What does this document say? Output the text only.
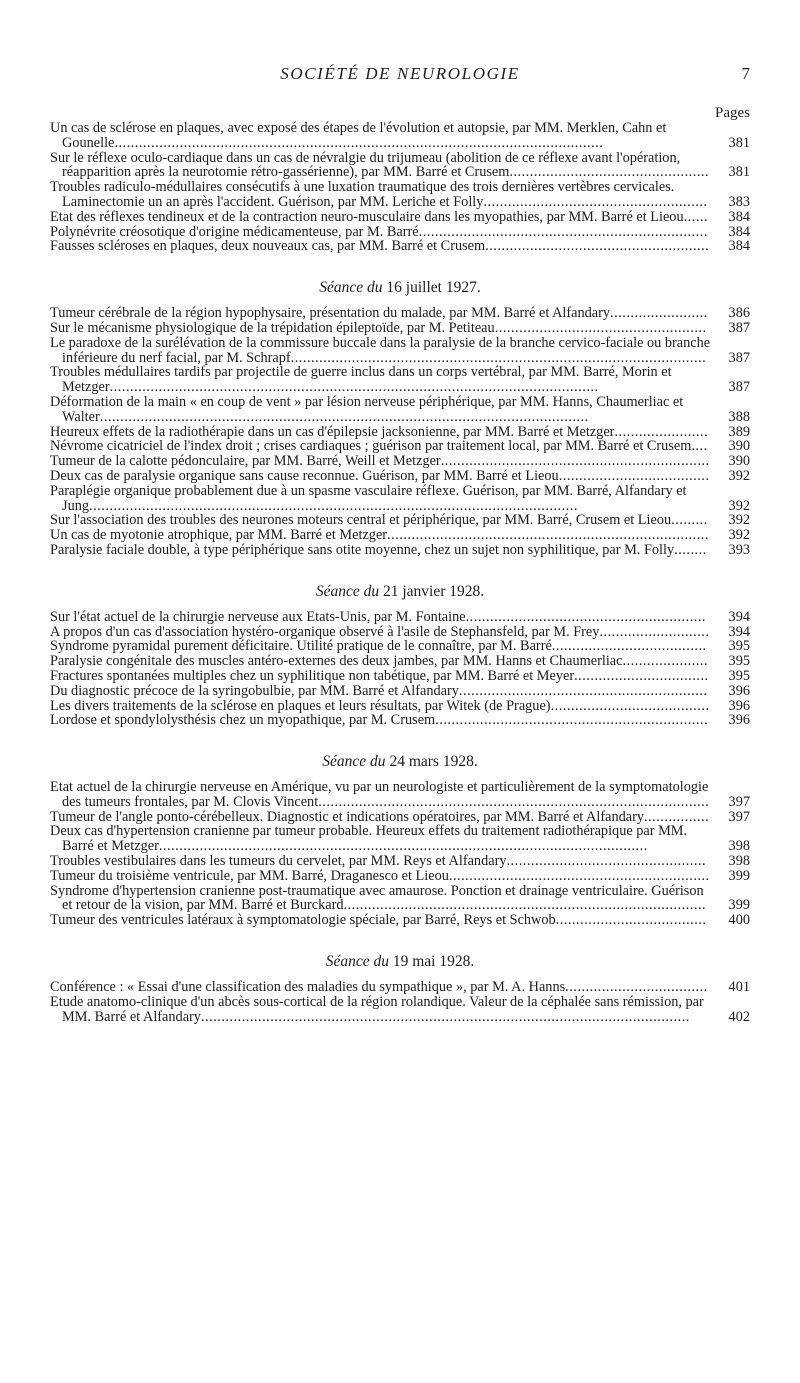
SOCIÉTÉ DE NEUROLOGIE	7
Pages
Un cas de sclérose en plaques, avec exposé des étapes de l'évolution et autopsie, par MM. Merklen, Cahn et Gounelle........................................................................................................................	381
Sur le réflexe oculo-cardiaque dans un cas de névralgie du trijumeau (abolition de ce réflexe avant l'opération, réapparition après la neurotomie rétro-gassérienne), par MM. Barré et Crusem................................................. 381
Troubles radiculo-médullaires consécutifs à une luxation traumatique des trois dernières vertèbres cervicales. Laminectomie un an après l'accident. Guérison, par MM. Leriche et Folly....................................................... 383
Etat des réflexes tendineux et de la contraction neuro-musculaire dans les myopathies, par MM. Barré et Lieou...... 384
Polynévrite créosotique d'origine médicamenteuse, par M. Barré....................................................................... 384
Fausses scléroses en plaques, deux nouveaux cas, par MM. Barré et Crusem....................................................... 384
Séance du 16 juillet 1927.
Tumeur cérébrale de la région hypophysaire, présentation du malade, par MM. Barré et Alfandary........................ 386
Sur le mécanisme physiologique de la trépidation épileptoïde, par M. Petiteau.................................................... 387
Le paradoxe de la surélévation de la commissure buccale dans la paralysie de la branche cervico-faciale ou branche inférieure du nerf facial, par M. Schrapf...................................................................................................... 387
Troubles médullaires tardifs par projectile de guerre inclus dans un corps vertébral, par MM. Barré, Morin et Metzger........................................................................................................................	387
Déformation de la main « en coup de vent » par lésion nerveuse périphérique, par MM. Hanns, Chaumerliac et Walter........................................................................................................................	388
Heureux effets de la radiothérapie dans un cas d'épilepsie jacksonienne, par MM. Barré et Metzger....................... 389
Névrome cicatriciel de l'index droit ; crises cardiaques ; guérison par traitement local, par MM. Barré et Crusem.... 390
Tumeur de la calotte pédonculaire, par MM. Barré, Weill et Metzger.................................................................. 390
Deux cas de paralysie organique sans cause reconnue. Guérison, par MM. Barré et Lieou..................................... 392
Paraplégie organique probablement due à un spasme vasculaire réflexe. Guérison, par MM. Barré, Alfandary et Jung........................................................................................................................	392
Sur l'association des troubles des neurones moteurs central et périphérique, par MM. Barré, Crusem et Lieou......... 392
Un cas de myotonie atrophique, par MM. Barré et Metzger............................................................................... 392
Paralysie faciale double, à type périphérique sans otite moyenne, chez un sujet non syphilitique, par M. Folly........ 393
Séance du 21 janvier 1928.
Sur l'état actuel de la chirurgie nerveuse aux Etats-Unis, par M. Fontaine........................................................... 394
A propos d'un cas d'association hystéro-organique observé à l'asile de Stephansfeld, par M. Frey........................... 394
Syndrome pyramidal purement déficitaire. Utilité pratique de le connaître, par M. Barré...................................... 395
Paralysie congénitale des muscles antéro-externes des deux jambes, par MM. Hanns et Chaumerliac..................... 395
Fractures spontanées multiples chez un syphilitique non tabétique, par MM. Barré et Meyer................................. 395
Du diagnostic précoce de la syringobulbie, par MM. Barré et Alfandary............................................................. 396
Les divers traitements de la sclérose en plaques et leurs résultats, par Witek (de Prague)....................................... 396
Lordose et spondylolysthésis chez un myopathique, par M. Crusem................................................................... 396
Séance du 24 mars 1928.
Etat actuel de la chirurgie nerveuse en Amérique, vu par un neurologiste et particulièrement de la symptomatologie des tumeurs frontales, par M. Clovis Vincent................................................................................................ 397
Tumeur de l'angle ponto-cérébelleux. Diagnostic et indications opératoires, par MM. Barré et Alfandary................ 397
Deux cas d'hypertension cranienne par tumeur probable. Heureux effets du traitement radiothérapique par MM. Barré et Metzger........................................................................................................................	398
Troubles vestibulaires dans les tumeurs du cervelet, par MM. Reys et Alfandary................................................. 398
Tumeur du troisième ventricule, par MM. Barré, Draganesco et Lieou................................................................ 399
Syndrome d'hypertension cranienne post-traumatique avec amaurose. Ponction et drainage ventriculaire. Guérison et retour de la vision, par MM. Barré et Burckard......................................................................................... 399
Tumeur des ventricules latéraux à symptomatologie spéciale, par Barré, Reys et Schwob..................................... 400
Séance du 19 mai 1928.
Conférence : « Essai d'une classification des maladies du sympathique », par M. A. Hanns................................... 401
Etude anatomo-clinique d'un abcès sous-cortical de la région rolandique. Valeur de la céphalée sans rémission, par MM. Barré et Alfandary........................................................................................................................	402
